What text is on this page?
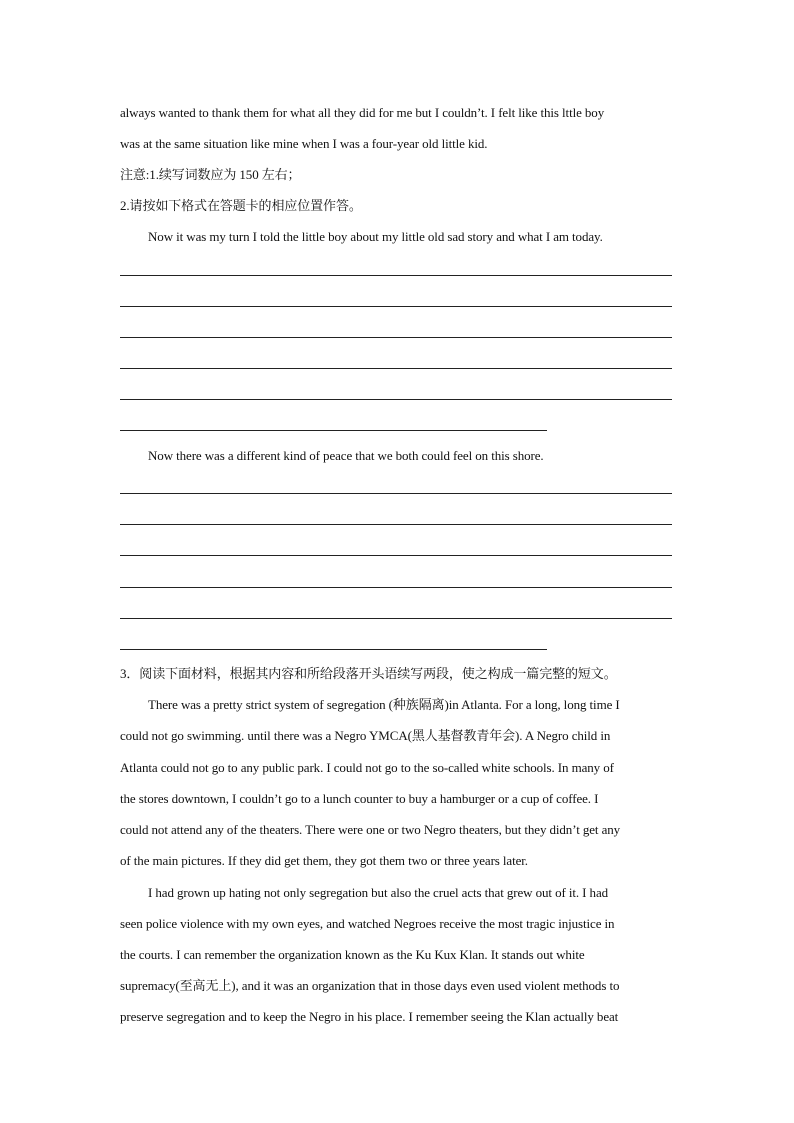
always wanted to thank them for what all they did for me but I couldn’t. I felt like this lttle boy
was at the same situation like mine when I was a four-year old little kid.
注意:1.续写词数应为 150 左右；
2.请按如下格式在答题卡的相应位置作答。
Now it was my turn I told the little boy about my little old sad story and what I am today.
Now there was a different kind of peace that we both could feel on this shore.
3．阅读下面材料，根据其内容和所给段落开头语续写两段，使之构成一篇完整的短文。
There was a pretty strict system of segregation (种族隔离)in Atlanta. For a long, long time I
could not go swimming. until there was a Negro YMCA(黑人基督教青年会). A Negro child in
Atlanta could not go to any public park. I could not go to the so-called white schools. In many of
the stores downtown, I couldn’t go to a lunch counter to buy a hamburger or a cup of coffee. I
could not attend any of the theaters. There were one or two Negro theaters, but they didn’t get any
of the main pictures. If they did get them, they got them two or three years later.
I had grown up hating not only segregation but also the cruel acts that grew out of it. I had
seen police violence with my own eyes, and watched Negroes receive the most tragic injustice in
the courts. I can remember the organization known as the Ku Kux Klan. It stands out white
supremacy(至高无上), and it was an organization that in those days even used violent methods to
preserve segregation and to keep the Negro in his place. I remember seeing the Klan actually beat
